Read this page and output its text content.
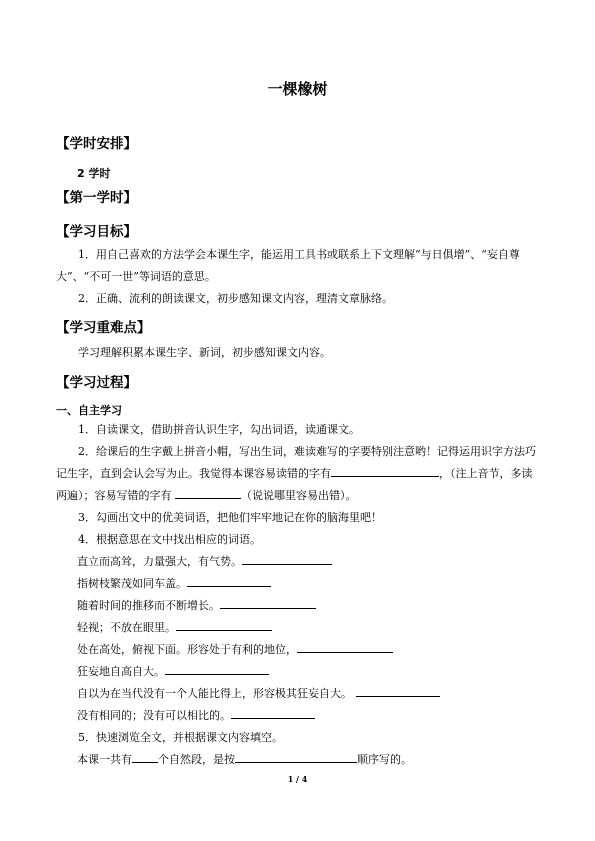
一棵橡树
【学时安排】
2 学时
【第一学时】
【学习目标】
1．用自己喜欢的方法学会本课生字，能运用工具书或联系上下文理解“与日俱增”、“妄自尊大”、“不可一世”等词语的意思。
2．正确、流利的朗读课文，初步感知课文内容，理清文章脉络。
【学习重难点】
学习理解积累本课生字、新词，初步感知课文内容。
【学习过程】
一、自主学习
1．自读课文，借助拼音认识生字，勾出词语，读通课文。
2．给课后的生字戴上拼音小帽，写出生词，难读难写的字要特别注意哟！记得运用识字方法巧记生字，直到会认会写为止。我觉得本课容易读错的字有	，（注上音节，多读两遍）；容易写错的字有	（说说哪里容易出错）。
3．勾画出文中的优美词语，把他们牢牢地记在你的脑海里吧！
4．根据意思在文中找出相应的词语。
直立而高耸，力量强大，有气势。
指树枝繁茂如同车盖。
随着时间的推移而不断增长。
轻视；不放在眼里。
处在高处，俯视下面。形容处于有利的地位，
狂妄地自高自大。
自以为在当代没有一个人能比得上，形容极其狂妄自大。
没有相同的；没有可以相比的。
5．快速浏览全文，并根据课文内容填空。
本课一共有 个自然段，是按	顺序写的。
1 / 4
